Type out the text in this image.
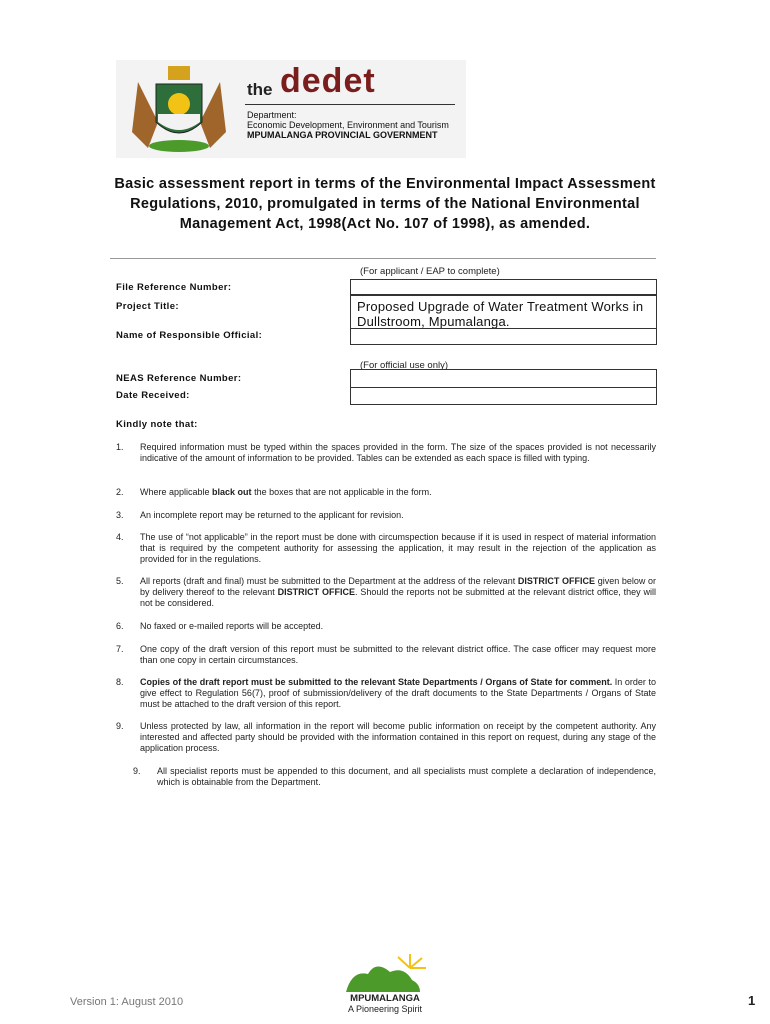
the dedet
Department:
Economic Development, Environment and Tourism
MPUMALANGA PROVINCIAL GOVERNMENT
Basic assessment report in terms of the Environmental Impact Assessment Regulations, 2010, promulgated in terms of the National Environmental Management Act, 1998(Act No. 107 of 1998), as amended.
(For applicant / EAP to complete)
File Reference Number:
Project Title:	Proposed Upgrade of Water Treatment Works in Dullstroom, Mpumalanga.
Name of Responsible Official:
(For official use only)
NEAS Reference Number:
Date Received:
Kindly note that:
1. Required information must be typed within the spaces provided in the form. The size of the spaces provided is not necessarily indicative of the amount of information to be provided. Tables can be extended as each space is filled with typing.
2. Where applicable black out the boxes that are not applicable in the form.
3. An incomplete report may be returned to the applicant for revision.
4. The use of “not applicable” in the report must be done with circumspection because if it is used in respect of material information that is required by the competent authority for assessing the application, it may result in the rejection of the application as provided for in the regulations.
5. All reports (draft and final) must be submitted to the Department at the address of the relevant DISTRICT OFFICE given below or by delivery thereof to the relevant DISTRICT OFFICE. Should the reports not be submitted at the relevant district office, they will not be considered.
6. No faxed or e-mailed reports will be accepted.
7. One copy of the draft version of this report must be submitted to the relevant district office. The case officer may request more than one copy in certain circumstances.
8. Copies of the draft report must be submitted to the relevant State Departments / Organs of State for comment. In order to give effect to Regulation 56(7), proof of submission/delivery of the draft documents to the State Departments / Organs of State must be attached to the draft version of this report.
9. Unless protected by law, all information in the report will become public information on receipt by the competent authority. Any interested and affected party should be provided with the information contained in this report on request, during any stage of the application process.
9. All specialist reports must be appended to this document, and all specialists must complete a declaration of independence, which is obtainable from the Department.
Version 1: August 2010	MPUMALANGA
A Pioneering Spirit
1
